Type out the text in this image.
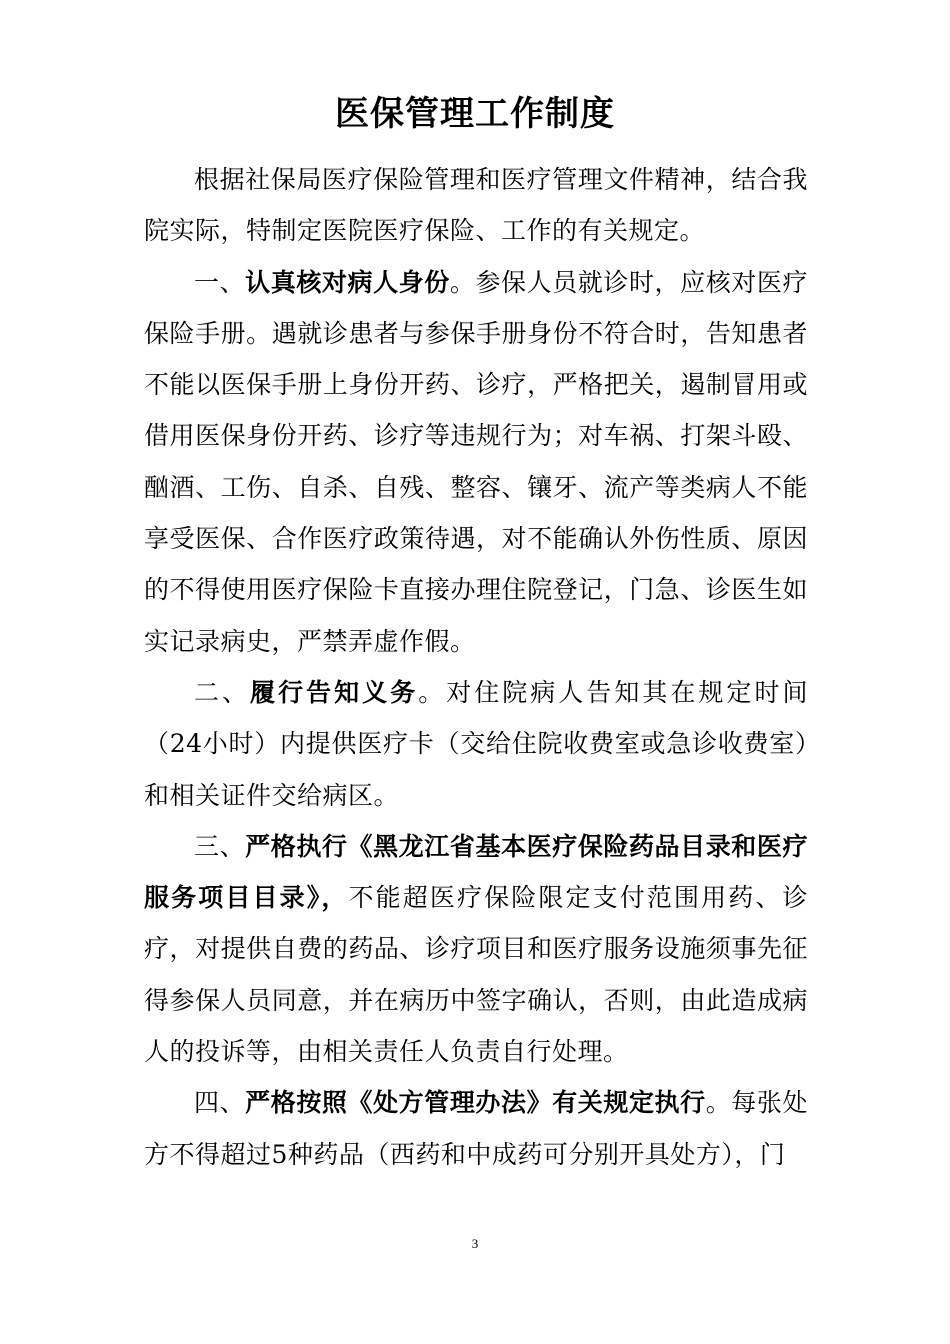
医保管理工作制度

根据社保局医疗保险管理和医疗管理文件精神，结合我院实际，特制定医院医疗保险、工作的有关规定。

一、认真核对病人身份。参保人员就诊时，应核对医疗保险手册。遇就诊患者与参保手册身份不符合时，告知患者不能以医保手册上身份开药、诊疗，严格把关，遏制冒用或借用医保身份开药、诊疗等违规行为；对车祸、打架斗殴、酗酒、工伤、自杀、自残、整容、镶牙、流产等类病人不能享受医保、合作医疗政策待遇，对不能确认外伤性质、原因的不得使用医疗保险卡直接办理住院登记，门急、诊医生如实记录病史，严禁弄虚作假。

二、履行告知义务。对住院病人告知其在规定时间（24小时）内提供医疗卡（交给住院收费室或急诊收费室）和相关证件交给病区。

三、严格执行《黑龙江省基本医疗保险药品目录和医疗服务项目目录》，不能超医疗保险限定支付范围用药、诊疗，对提供自费的药品、诊疗项目和医疗服务设施须事先征得参保人员同意，并在病历中签字确认，否则，由此造成病人的投诉等，由相关责任人负责自行处理。

四、严格按照《处方管理办法》有关规定执行。每张处方不得超过5种药品（西药和中成药可分别开具处方），门

3
